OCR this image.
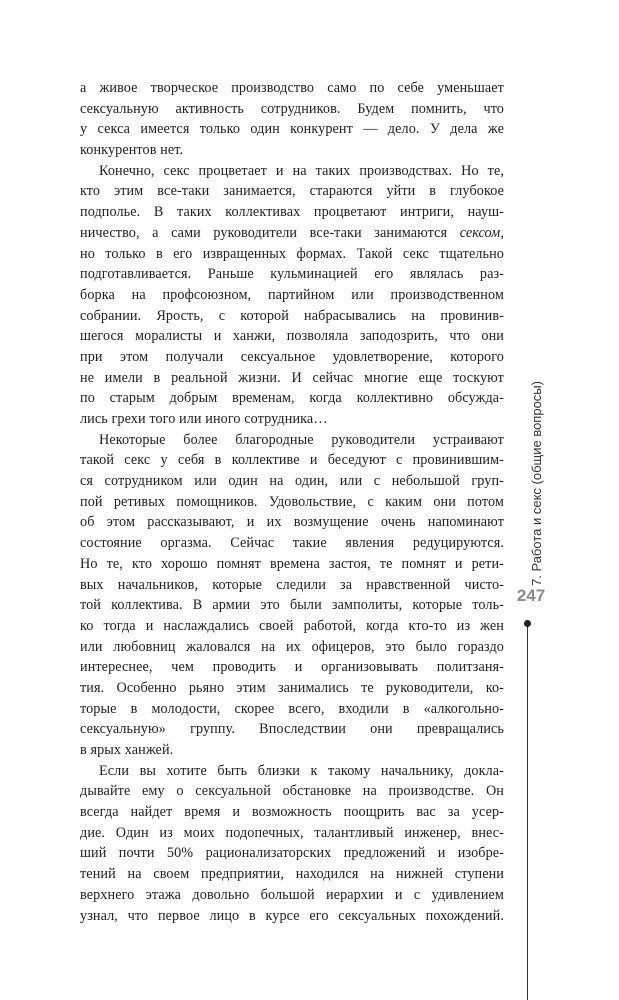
а живое творческое производство само по себе уменьшает
сексуальную активность сотрудников. Будем помнить, что
у секса имеется только один конкурент — дело. У дела же
конкурентов нет.
Конечно, секс процветает и на таких производствах. Но те,
кто этим все-таки занимается, стараются уйти в глубокое
подполье. В таких коллективах процветают интриги, науш-
ничество, а сами руководители все-таки занимаются сексом,
но только в его извращенных формах. Такой секс тщательно
подготавливается. Раньше кульминацией его являлась раз-
борка на профсоюзном, партийном или производственном
собрании. Ярость, с которой набрасывались на провинив-
шегося моралисты и ханжи, позволяла заподозрить, что они
при этом получали сексуальное удовлетворение, которого
не имели в реальной жизни. И сейчас многие еще тоскуют
по старым добрым временам, когда коллективно обсужда-
лись грехи того или иного сотрудника…
Некоторые более благородные руководители устраивают
такой секс у себя в коллективе и беседуют с провинившим-
ся сотрудником или один на один, или с небольшой груп-
пой ретивых помощников. Удовольствие, с каким они потом
об этом рассказывают, и их возмущение очень напоминают
состояние оргазма. Сейчас такие явления редуцируются.
Но те, кто хорошо помнят времена застоя, те помнят и рети-
вых начальников, которые следили за нравственной чисто-
той коллектива. В армии это были замполиты, которые толь-
ко тогда и наслаждались своей работой, когда кто-то из жен
или любовниц жаловался на их офицеров, это было гораздо
интереснее, чем проводить и организовывать политзаня-
тия. Особенно рьяно этим занимались те руководители, ко-
торые в молодости, скорее всего, входили в «алкогольно-
сексуальную» группу. Впоследствии они превращались
в ярых ханжей.
Если вы хотите быть близки к такому начальнику, доклa-
дывайте ему о сексуальной обстановке на производстве. Он
всегда найдет время и возможность поощрить вас за усер-
дие. Один из моих подопечных, талантливый инженер, внес-
ший почти 50% рационализаторских предложений и изобре-
тений на своем предприятии, находился на нижней ступени
верхнего этажа довольно большой иерархии и с удивлением
узнал, что первое лицо в курсе его сексуальных похождений.
7. Работа и секс (общие вопросы)
247
